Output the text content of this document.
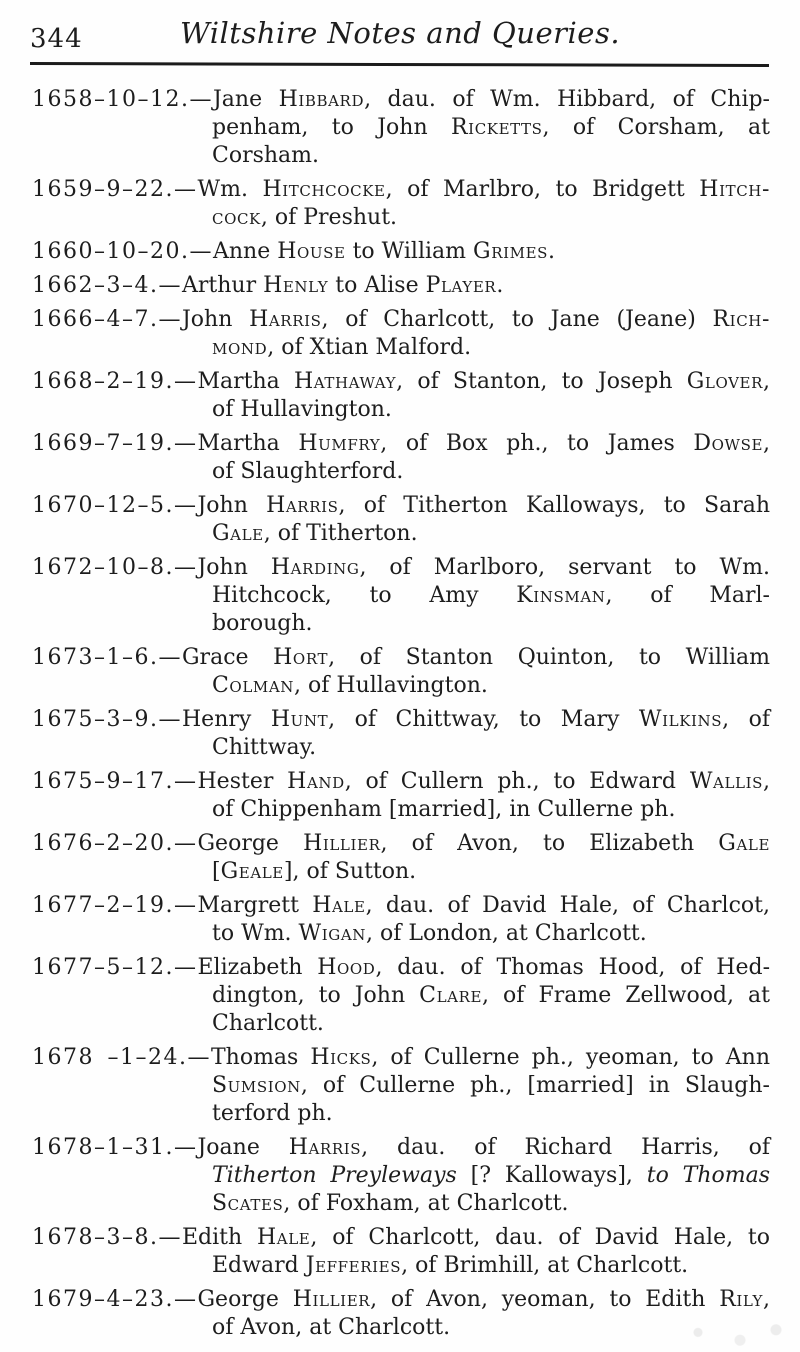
344	Wiltshire Notes and Queries.
1658–10–12.—Jane Hibbard, dau. of Wm. Hibbard, of Chip-
penham, to John Ricketts, of Corsham, at
Corsham.
1659–9–22.—Wm. Hitchcocke, of Marlbro, to Bridgett Hitch-
cock, of Preshut.
1660–10–20.—Anne House to William Grimes.
1662–3–4.—Arthur Henly to Alise Player.
1666–4–7.—John Harris, of Charlcott, to Jane (Jeane) Rich-
mond, of Xtian Malford.
1668–2–19.—Martha Hathaway, of Stanton, to Joseph Glover,
of Hullavington.
1669–7–19.—Martha Humfry, of Box ph., to James Dowse,
of Slaughterford.
1670–12–5.—John Harris, of Titherton Kalloways, to Sarah
Gale, of Titherton.
1672–10–8.—John Harding, of Marlboro, servant to Wm.
Hitchcock, to Amy Kinsman, of Marl-
borough.
1673–1–6.—Grace Hort, of Stanton Quinton, to William
Colman, of Hullavington.
1675–3–9.—Henry Hunt, of Chittway, to Mary Wilkins, of
Chittway.
1675–9–17.—Hester Hand, of Cullern ph., to Edward Wallis,
of Chippenham [married], in Cullerne ph.
1676–2–20.—George Hillier, of Avon, to Elizabeth Gale
[Geale], of Sutton.
1677–2–19.—Margrett Hale, dau. of David Hale, of Charlcot,
to Wm. Wigan, of London, at Charlcott.
1677–5–12.—Elizabeth Hood, dau. of Thomas Hood, of Hed-
dington, to John Clare, of Frame Zellwood, at
Charlcott.
1678 –1–24.—Thomas Hicks, of Cullerne ph., yeoman, to Ann
Sumsion, of Cullerne ph., [married] in Slaugh-
terford ph.
1678–1–31.—Joane Harris, dau. of Richard Harris, of
Titherton Preyleways [? Kalloways], to Thomas
Scates, of Foxham, at Charlcott.
1678–3–8.—Edith Hale, of Charlcott, dau. of David Hale, to
Edward Jefferies, of Brimhill, at Charlcott.
1679–4–23.—George Hillier, of Avon, yeoman, to Edith Rily,
of Avon, at Charlcott.
